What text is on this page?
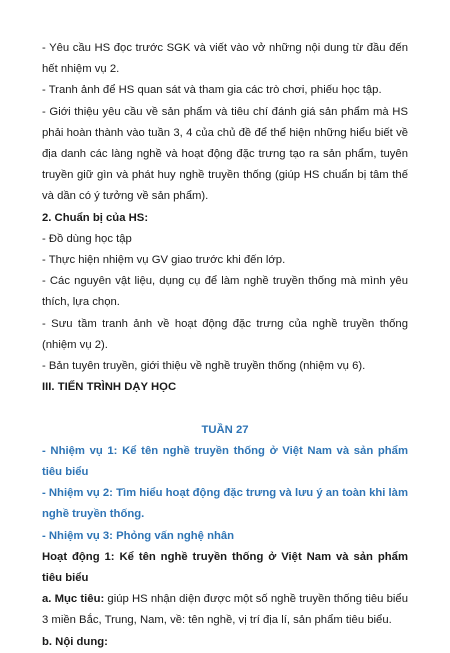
- Yêu cầu HS đọc trước SGK và viết vào vở những nội dung từ đầu đến hết nhiệm vụ 2.

- Tranh ảnh để HS quan sát và tham gia các trò chơi, phiếu học tập.

- Giới thiệu yêu cầu về sản phẩm và tiêu chí đánh giá sản phẩm mà HS phải hoàn thành vào tuần 3, 4 của chủ đề để thể hiện những hiểu biết về địa danh các làng nghề và hoạt động đặc trưng tạo ra sản phẩm, tuyên truyền giữ gìn và phát huy nghề truyền thống (giúp HS chuẩn bị tâm thế và dần có ý tưởng về sản phẩm).

2. Chuẩn bị của HS:

- Đồ dùng học tập

- Thực hiện nhiệm vụ GV giao trước khi đến lớp.

- Các nguyên vật liệu, dụng cụ để làm nghề truyền thống mà mình yêu thích, lựa chọn.

- Sưu tầm tranh ảnh về hoạt động đặc trưng của nghề truyền thống (nhiệm vụ 2).

- Bản tuyên truyền, giới thiệu về nghề truyền thống (nhiệm vụ 6).

III. TIẾN TRÌNH DẠY HỌC

TUẦN 27

- Nhiệm vụ 1: Kể tên nghề truyền thống ở Việt Nam và sản phẩm tiêu biểu

- Nhiệm vụ 2: Tìm hiểu hoạt động đặc trưng và lưu ý an toàn khi làm nghề truyền thống.

- Nhiệm vụ 3: Phỏng vấn nghệ nhân

Hoạt động 1: Kể tên nghề truyền thống ở Việt Nam và sản phẩm tiêu biểu

a. Mục tiêu: giúp HS nhận diện được một số nghề truyền thống tiêu biểu 3 miền Bắc, Trung, Nam, về: tên nghề, vị trí địa lí, sản phẩm tiêu biểu.

b. Nội dung:
